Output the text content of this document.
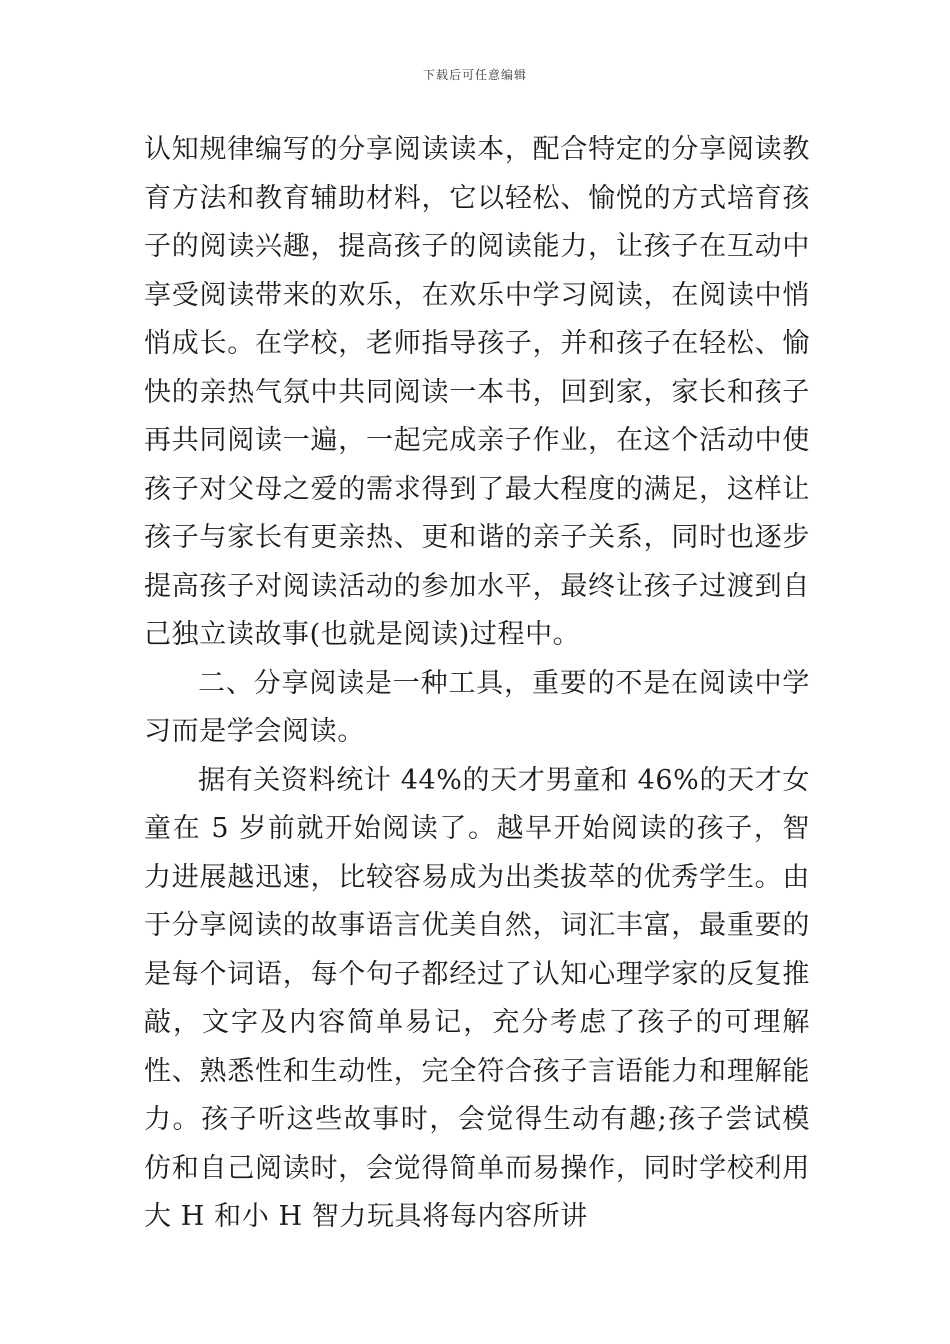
下载后可任意编辑

认知规律编写的分享阅读读本，配合特定的分享阅读教育方法和教育辅助材料，它以轻松、愉悦的方式培育孩子的阅读兴趣，提高孩子的阅读能力，让孩子在互动中享受阅读带来的欢乐，在欢乐中学习阅读，在阅读中悄悄成长。在学校，老师指导孩子，并和孩子在轻松、愉快的亲热气氛中共同阅读一本书，回到家，家长和孩子再共同阅读一遍，一起完成亲子作业，在这个活动中使孩子对父母之爱的需求得到了最大程度的满足，这样让孩子与家长有更亲热、更和谐的亲子关系，同时也逐步提高孩子对阅读活动的参加水平，最终让孩子过渡到自己独立读故事(也就是阅读)过程中。

二、分享阅读是一种工具，重要的不是在阅读中学习而是学会阅读。

据有关资料统计 44%的天才男童和 46%的天才女童在 5 岁前就开始阅读了。越早开始阅读的孩子，智力进展越迅速，比较容易成为出类拔萃的优秀学生。由于分享阅读的故事语言优美自然，词汇丰富，最重要的是每个词语，每个句子都经过了认知心理学家的反复推敲，文字及内容简单易记，充分考虑了孩子的可理解性、熟悉性和生动性，完全符合孩子言语能力和理解能力。孩子听这些故事时，会觉得生动有趣;孩子尝试模仿和自己阅读时，会觉得简单而易操作，同时学校利用大 H 和小 H 智力玩具将每内容所讲
